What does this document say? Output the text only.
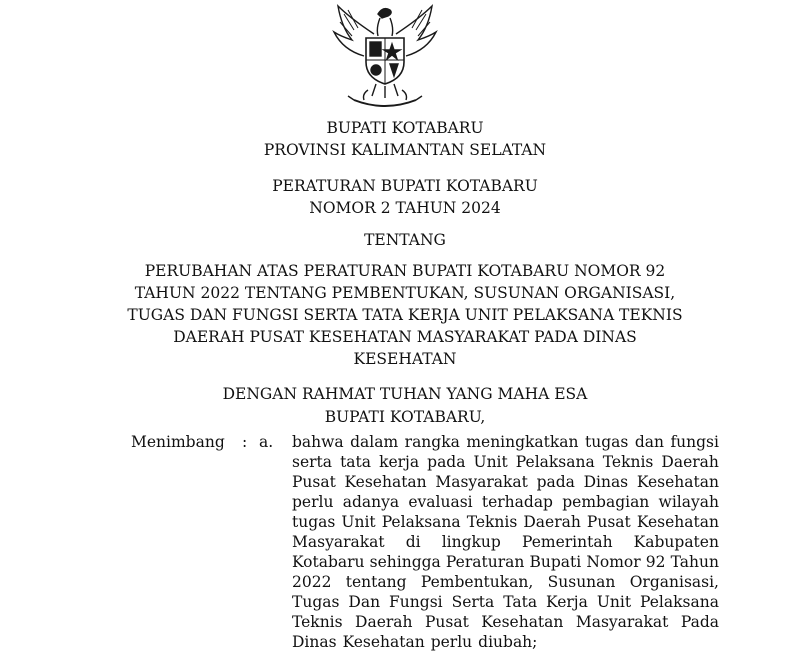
BUPATI KOTABARU
PROVINSI KALIMANTAN SELATAN
PERATURAN BUPATI KOTABARU
NOMOR 2 TAHUN 2024
TENTANG
PERUBAHAN ATAS PERATURAN BUPATI KOTABARU NOMOR 92
TAHUN 2022 TENTANG PEMBENTUKAN, SUSUNAN ORGANISASI,
TUGAS DAN FUNGSI SERTA TATA KERJA UNIT PELAKSANA TEKNIS
DAERAH PUSAT KESEHATAN MASYARAKAT PADA DINAS
KESEHATAN
DENGAN RAHMAT TUHAN YANG MAHA ESA
BUPATI KOTABARU,
Menimbang : a. bahwa dalam rangka meningkatkan tugas dan fungsi
serta tata kerja pada Unit Pelaksana Teknis Daerah
Pusat Kesehatan Masyarakat pada Dinas Kesehatan
perlu adanya evaluasi terhadap pembagian wilayah
tugas Unit Pelaksana Teknis Daerah Pusat Kesehatan
Masyarakat di lingkup Pemerintah Kabupaten
Kotabaru sehingga Peraturan Bupati Nomor 92 Tahun
2022 tentang Pembentukan, Susunan Organisasi,
Tugas Dan Fungsi Serta Tata Kerja Unit Pelaksana
Teknis Daerah Pusat Kesehatan Masyarakat Pada
Dinas Kesehatan perlu diubah;
